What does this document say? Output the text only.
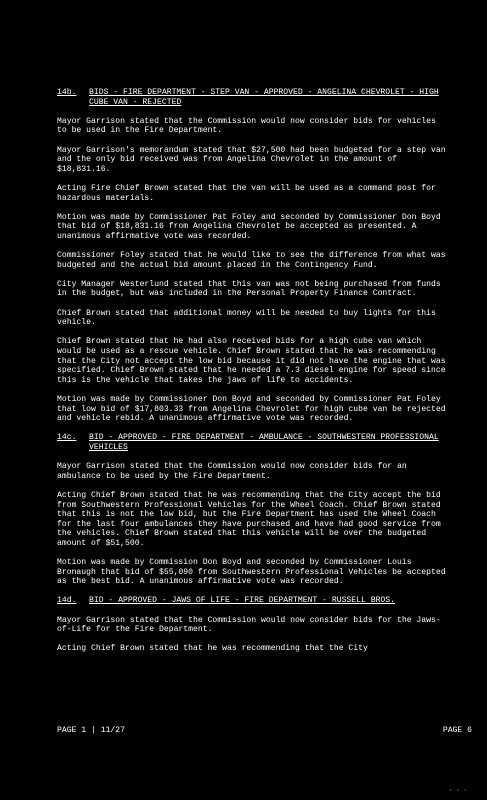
14b.	BIDS - FIRE DEPARTMENT - STEP VAN - APPROVED - ANGELINA CHEVROLET - HIGH CUBE VAN - REJECTED

Mayor Garrison stated that the Commission would now consider bids for vehicles to be used in the Fire Department.

Mayor Garrison's memorandum stated that $27,500 had been budgeted for a step van and the only bid received was from Angelina Chevrolet in the amount of $18,831.16.

Acting Fire Chief Brown stated that the van will be used as a command post for hazardous materials.

Motion was made by Commissioner Pat Foley and seconded by Commissioner Don Boyd that bid of $18,831.16 from Angelina Chevrolet be accepted as presented. A unanimous affirmative vote was recorded.

Commissioner Foley stated that he would like to see the difference from what was budgeted and the actual bid amount placed in the Contingency Fund.

City Manager Westerlund stated that this van was not being purchased from funds in the budget, but was included in the Personal Property Finance Contract.

Chief Brown stated that additional money will be needed to buy lights for this vehicle.

Chief Brown stated that he had also received bids for a high cube van which would be used as a rescue vehicle. Chief Brown stated that he was recommending that the City not accept the low bid because it did not have the engine that was specified. Chief Brown stated that he needed a 7.3 diesel engine for speed since this is the vehicle that takes the jaws of life to accidents.

Motion was made by Commissioner Don Boyd and seconded by Commissioner Pat Foley that low bid of $17,803.33 from Angelina Chevrolet for high cube van be rejected and vehicle rebid. A unanimous affirmative vote was recorded.

14c.	BID - APPROVED - FIRE DEPARTMENT - AMBULANCE - SOUTHWESTERN PROFESSIONAL VEHICLES

Mayor Garrison stated that the Commission would now consider bids for an ambulance to be used by the Fire Department.

Acting Chief Brown stated that he was recommending that the City accept the bid from Southwestern Professional Vehicles for the Wheel Coach. Chief Brown stated that this is not the low bid, but the Fire Department has used the Wheel Coach for the last four ambulances they have purchased and have had good service from the vehicles. Chief Brown stated that this vehicle will be over the budgeted amount of $51,500.

Motion was made by Commission Don Boyd and seconded by Commissioner Louis Bronaugh that bid of $55,090 from Southwestern Professional Vehicles be accepted as the best bid. A unanimous affirmative vote was recorded.

14d.	BID - APPROVED - JAWS OF LIFE - FIRE DEPARTMENT - RUSSELL BROS.

Mayor Garrison stated that the Commission would now consider bids for the Jaws-of-Life for the Fire Department.

Acting Chief Brown stated that he was recommending that the City

PAGE 1 | 11/27	PAGE 6
· · ·
